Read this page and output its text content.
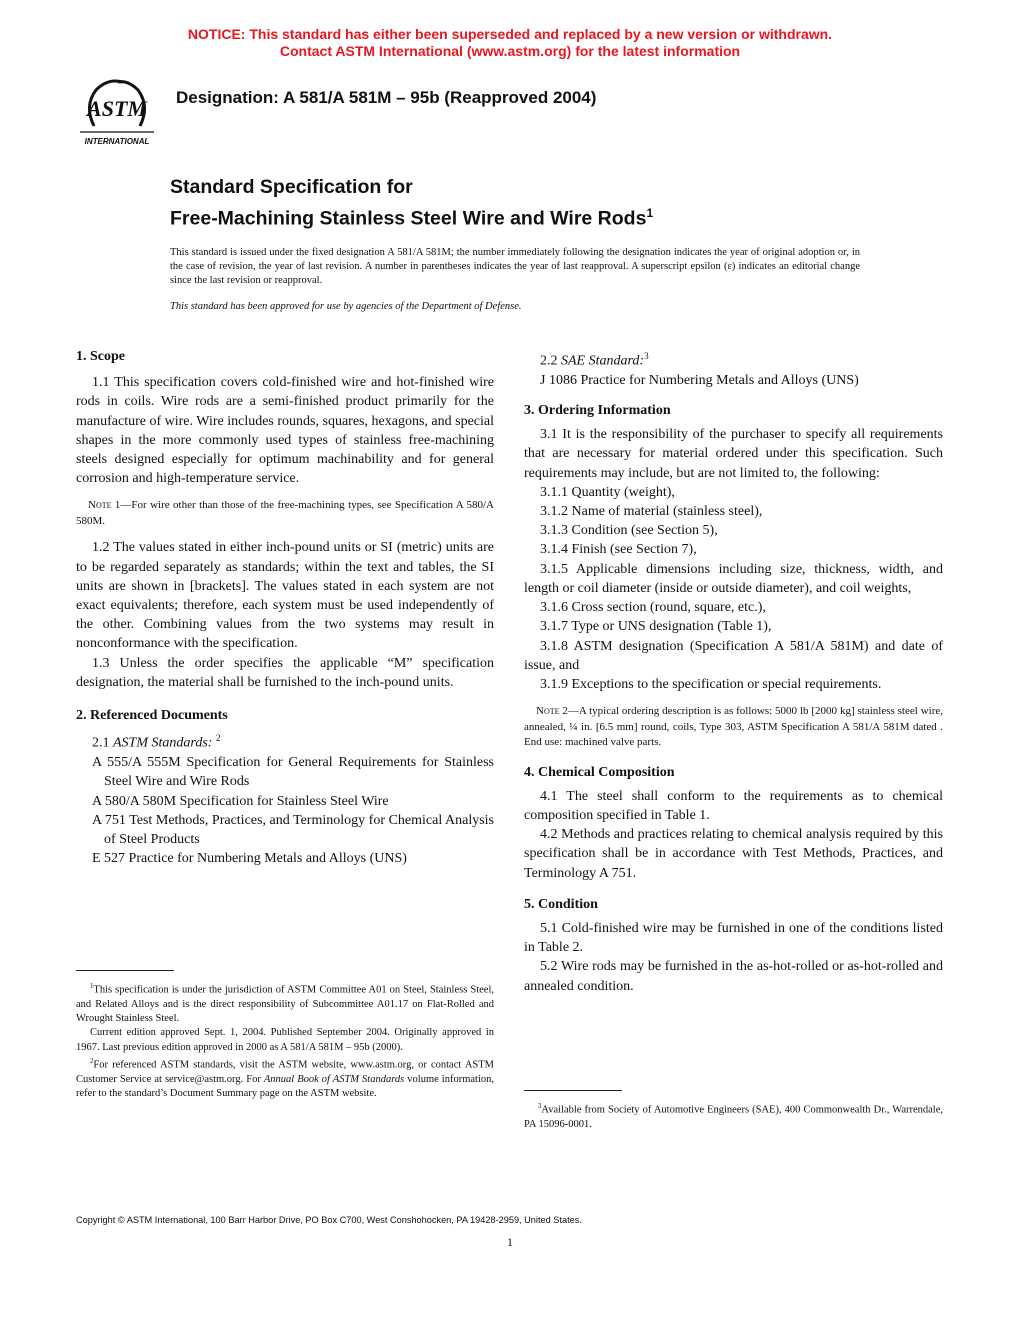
NOTICE: This standard has either been superseded and replaced by a new version or withdrawn.
Contact ASTM International (www.astm.org) for the latest information
ASTM
INTERNATIONAL
Designation: A 581/A 581M – 95b (Reapproved 2004)
Standard Specification for
Free-Machining Stainless Steel Wire and Wire Rods$^1$
This standard is issued under the fixed designation A 581/A 581M; the number immediately following the designation indicates the year of original adoption or, in the case of revision, the year of last revision. A number in parentheses indicates the year of last reapproval. A superscript epsilon (ε) indicates an editorial change since the last revision or reapproval.
This standard has been approved for use by agencies of the Department of Defense.

1. Scope

1.1 This specification covers cold-finished wire and hot-finished wire rods in coils. Wire rods are a semi-finished product primarily for the manufacture of wire. Wire includes rounds, squares, hexagons, and special shapes in the more commonly used types of stainless free-machining steels designed especially for optimum machinability and for general corrosion and high-temperature service.

Note 1—For wire other than those of the free-machining types, see Specification A 580/A 580M.

1.2 The values stated in either inch-pound units or SI (metric) units are to be regarded separately as standards; within the text and tables, the SI units are shown in [brackets]. The values stated in each system are not exact equivalents; therefore, each system must be used independently of the other. Combining values from the two systems may result in nonconformance with the specification.

1.3 Unless the order specifies the applicable “M” specification designation, the material shall be furnished to the inch-pound units.

2. Referenced Documents

2.1 ASTM Standards: $^2$

A 555/A 555M Specification for General Requirements for Stainless Steel Wire and Wire Rods

A 580/A 580M Specification for Stainless Steel Wire

A 751 Test Methods, Practices, and Terminology for Chemical Analysis of Steel Products

E 527 Practice for Numbering Metals and Alloys (UNS)

$^1$This specification is under the jurisdiction of ASTM Committee A01 on Steel, Stainless Steel, and Related Alloys and is the direct responsibility of Subcommittee A01.17 on Flat-Rolled and Wrought Stainless Steel.

Current edition approved Sept. 1, 2004. Published September 2004. Originally approved in 1967. Last previous edition approved in 2000 as A 581/A 581M – 95b (2000).

$^2$For referenced ASTM standards, visit the ASTM website, www.astm.org, or contact ASTM Customer Service at service@astm.org. For Annual Book of ASTM Standards volume information, refer to the standard’s Document Summary page on the ASTM website.

2.2 SAE Standard:$^3$

J 1086 Practice for Numbering Metals and Alloys (UNS)

3. Ordering Information

3.1 It is the responsibility of the purchaser to specify all requirements that are necessary for material ordered under this specification. Such requirements may include, but are not limited to, the following:

3.1.1 Quantity (weight),

3.1.2 Name of material (stainless steel),

3.1.3 Condition (see Section 5),

3.1.4 Finish (see Section 7),

3.1.5 Applicable dimensions including size, thickness, width, and length or coil diameter (inside or outside diameter), and coil weights,

3.1.6 Cross section (round, square, etc.),

3.1.7 Type or UNS designation (Table 1),

3.1.8 ASTM designation (Specification A 581/A 581M) and date of issue, and

3.1.9 Exceptions to the specification or special requirements.

Note 2—A typical ordering description is as follows: 5000 lb [2000 kg] stainless steel wire, annealed, ¼ in. [6.5 mm] round, coils, Type 303, ASTM Specification A 581/A 581M dated . End use: machined valve parts.

4. Chemical Composition

4.1 The steel shall conform to the requirements as to chemical composition specified in Table 1.

4.2 Methods and practices relating to chemical analysis required by this specification shall be in accordance with Test Methods, Practices, and Terminology A 751.

5. Condition

5.1 Cold-finished wire may be furnished in one of the conditions listed in Table 2.

5.2 Wire rods may be furnished in the as-hot-rolled or as-hot-rolled and annealed condition.

$^3$Available from Society of Automotive Engineers (SAE), 400 Commonwealth Dr., Warrendale, PA 15096-0001.

Copyright © ASTM International, 100 Barr Harbor Drive, PO Box C700, West Conshohocken, PA 19428-2959, United States.
1
